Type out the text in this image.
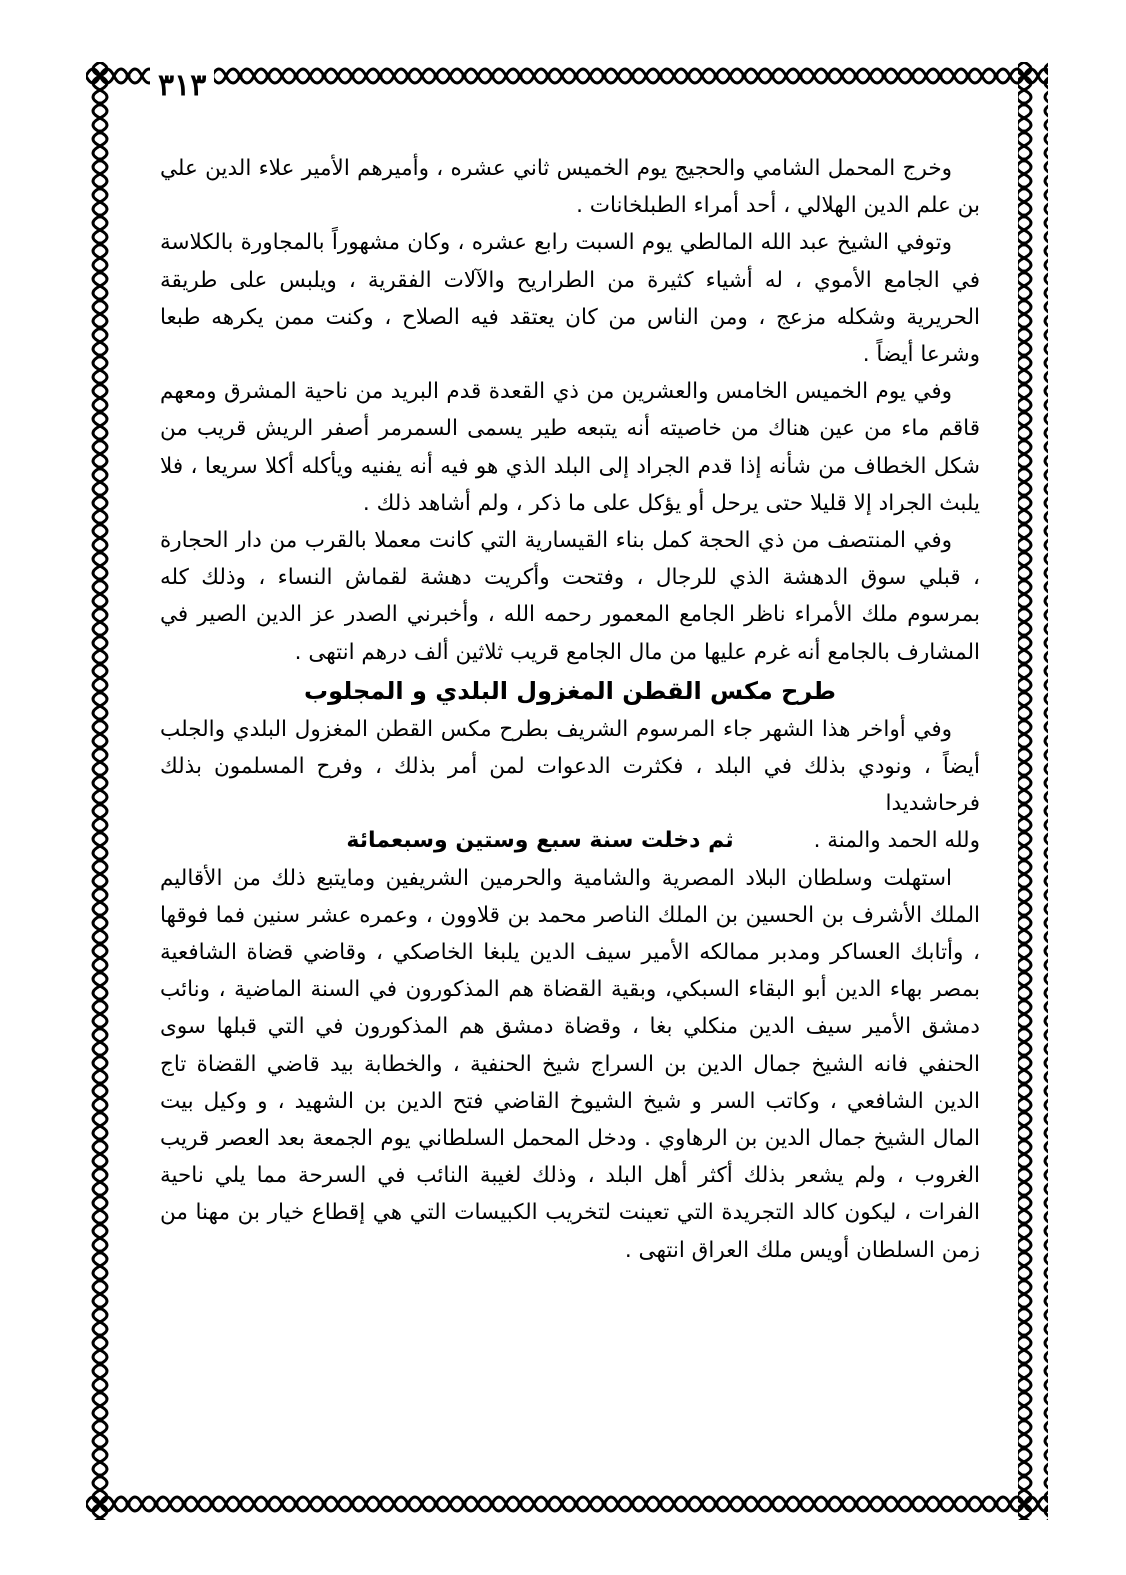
٣١٣

وخرج المحمل الشامي والحجيج يوم الخميس ثاني عشره ، وأميرهم الأمير علاء الدين علي بن علم الدين الهلالي ، أحد أمراء الطبلخانات .

وتوفي الشيخ عبد الله المالطي يوم السبت رابع عشره ، وكان مشهوراً بالمجاورة بالكلاسة في الجامع الأموي ، له أشياء كثيرة من الطراريح والآلات الفقرية ، ويلبس على طريقة الحريرية وشكله مزعج ، ومن الناس من كان يعتقد فيه الصلاح ، وكنت ممن يكرهه طبعا وشرعا أيضاً .

وفي يوم الخميس الخامس والعشرين من ذي القعدة قدم البريد من ناحية المشرق ومعهم قاقم ماء من عين هناك من خاصيته أنه يتبعه طير يسمى السمرمر أصفر الريش قريب من شكل الخطاف من شأنه إذا قدم الجراد إلى البلد الذي هو فيه أنه يفنيه ويأكله أكلا سريعا ، فلا يلبث الجراد إلا قليلا حتى يرحل أو يؤكل على ما ذكر ، ولم أشاهد ذلك .

وفي المنتصف من ذي الحجة كمل بناء القيسارية التي كانت معملا بالقرب من دار الحجارة ، قبلي سوق الدهشة الذي للرجال ، وفتحت وأكريت دهشة لقماش النساء ، وذلك كله بمرسوم ملك الأمراء ناظر الجامع المعمور رحمه الله ، وأخبرني الصدر عز الدين الصير في المشارف بالجامع أنه غرم عليها من مال الجامع قريب ثلاثين ألف درهم انتهى .

طرح مكس القطن المغزول البلدي و المجلوب

وفي أواخر هذا الشهر جاء المرسوم الشريف بطرح مكس القطن المغزول البلدي والجلب أيضاً ، ونودي بذلك في البلد ، فكثرت الدعوات لمن أمر بذلك ، وفرح المسلمون بذلك فرحاشديدا

ولله الحمد والمنة .
ثم دخلت سنة سبع وستين وسبعمائة

استهلت وسلطان البلاد المصرية والشامية والحرمين الشريفين ومايتبع ذلك من الأقاليم الملك الأشرف بن الحسين بن الملك الناصر محمد بن قلاوون ، وعمره عشر سنين فما فوقها ، وأتابك العساكر ومدبر ممالكه الأمير سيف الدين يلبغا الخاصكي ، وقاضي قضاة الشافعية بمصر بهاء الدين أبو البقاء السبكي، وبقية القضاة هم المذكورون في السنة الماضية ، ونائب دمشق الأمير سيف الدين منكلي بغا ، وقضاة دمشق هم المذكورون في التي قبلها سوى الحنفي فانه الشيخ جمال الدين بن السراج شيخ الحنفية ، والخطابة بيد قاضي القضاة تاج الدين الشافعي ، وكاتب السر و شيخ الشيوخ القاضي فتح الدين بن الشهيد ، و وكيل بيت المال الشيخ جمال الدين بن الرهاوي . ودخل المحمل السلطاني يوم الجمعة بعد العصر قريب الغروب ، ولم يشعر بذلك أكثر أهل البلد ، وذلك لغيبة النائب في السرحة مما يلي ناحية الفرات ، ليكون كالد التجريدة التي تعينت لتخريب الكبيسات التي هي إقطاع خيار بن مهنا من زمن السلطان أويس ملك العراق انتهى .
